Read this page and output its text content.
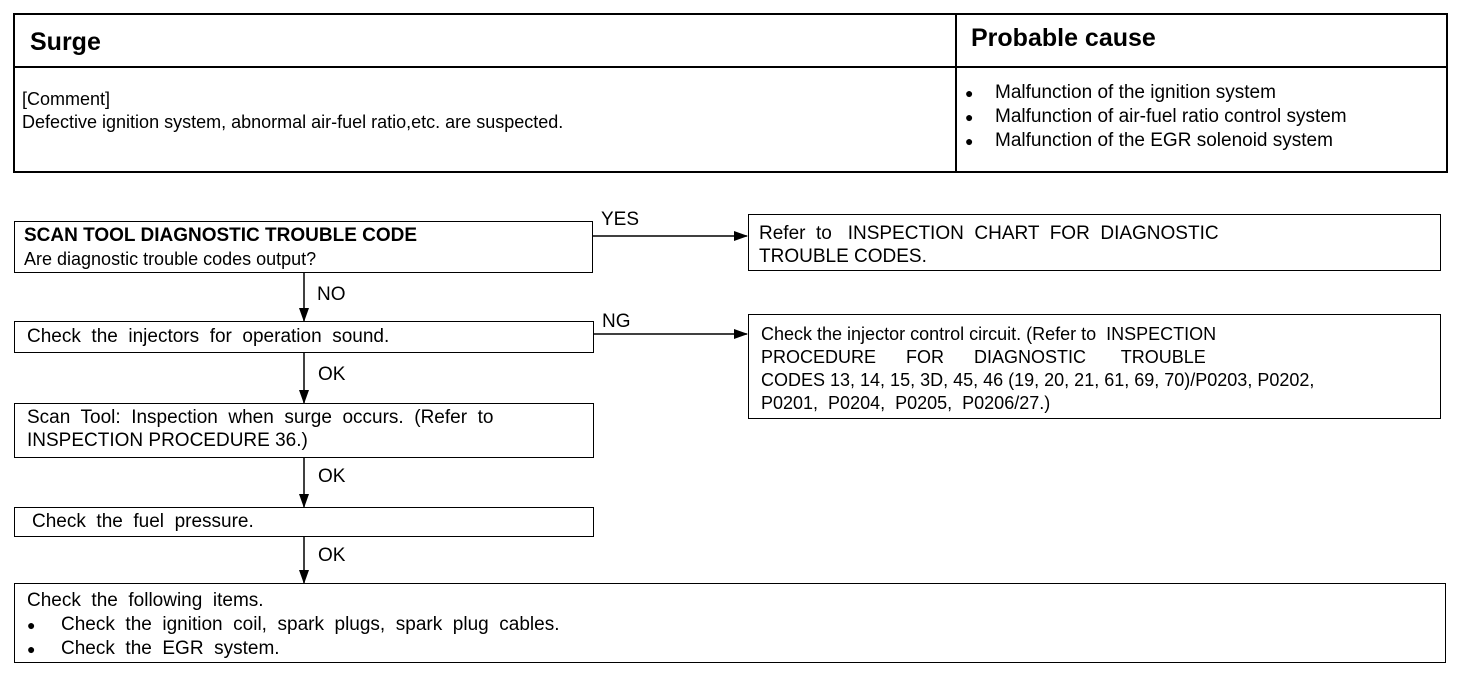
Surge	Probable cause
[Comment]
Defective ignition system, abnormal air-fuel ratio,etc. are suspected.
●	Malfunction of the ignition system
●	Malfunction of air-fuel ratio control system
●	Malfunction of the EGR solenoid system
SCAN TOOL DIAGNOSTIC TROUBLE CODE
Are diagnostic trouble codes output?
YES
NO
Refer  to   INSPECTION  CHART  FOR  DIAGNOSTIC
TROUBLE CODES.
Check  the  injectors  for  operation  sound.
NG
OK
Check the injector control circuit. (Refer to  INSPECTION
PROCEDURE      FOR      DIAGNOSTIC       TROUBLE
CODES 13, 14, 15, 3D, 45, 46 (19, 20, 21, 61, 69, 70)/P0203, P0202,
P0201,  P0204,  P0205,  P0206/27.)
Scan  Tool:  Inspection  when  surge  occurs.  (Refer  to
INSPECTION PROCEDURE 36.)
OK
Check  the  fuel  pressure.
OK
Check  the  following  items.
●	Check  the  ignition  coil,  spark  plugs,  spark  plug  cables.
●	Check  the  EGR  system.
